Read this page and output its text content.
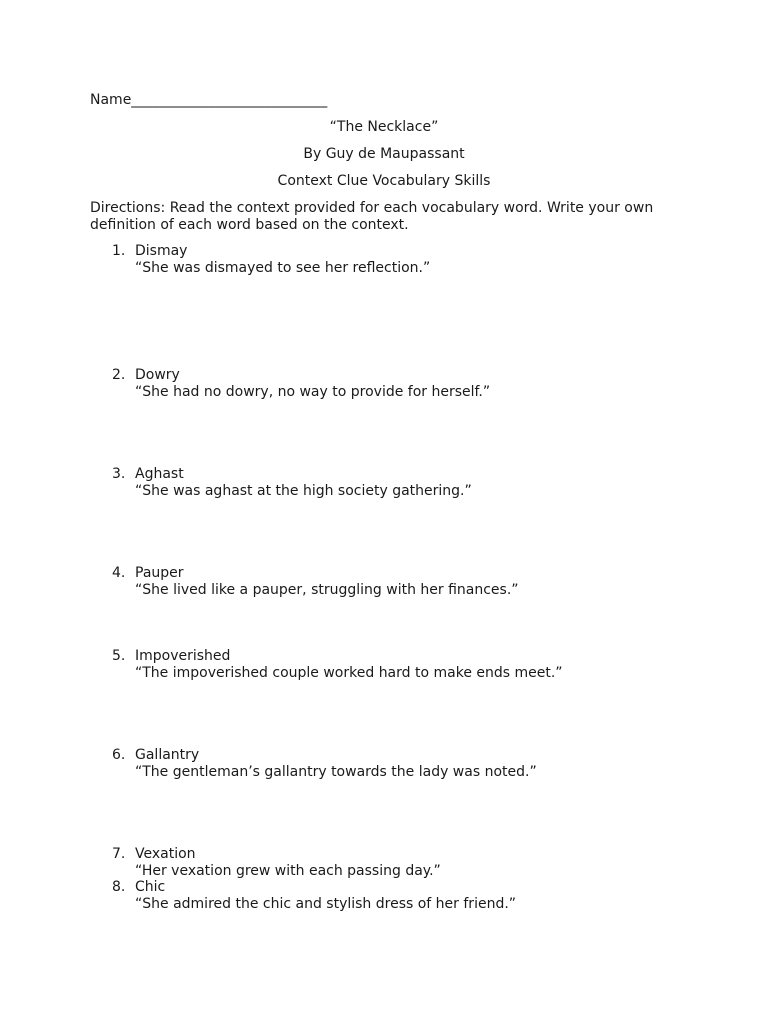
Name____________________________
“The Necklace”
By Guy de Maupassant
Context Clue Vocabulary Skills
Directions: Read the context provided for each vocabulary word. Write your own definition of each word based on the context.
1. Dismay
“She was dismayed to see her reflection.”
2. Dowry
“She had no dowry, no way to provide for herself.”
3. Aghast
“She was aghast at the high society gathering.”
4. Pauper
“She lived like a pauper, struggling with her finances.”
5. Impoverished
“The impoverished couple worked hard to make ends meet.”
6. Gallantry
“The gentleman’s gallantry towards the lady was noted.”
7. Vexation
“Her vexation grew with each passing day.”
8. Chic
“She admired the chic and stylish dress of her friend.”
